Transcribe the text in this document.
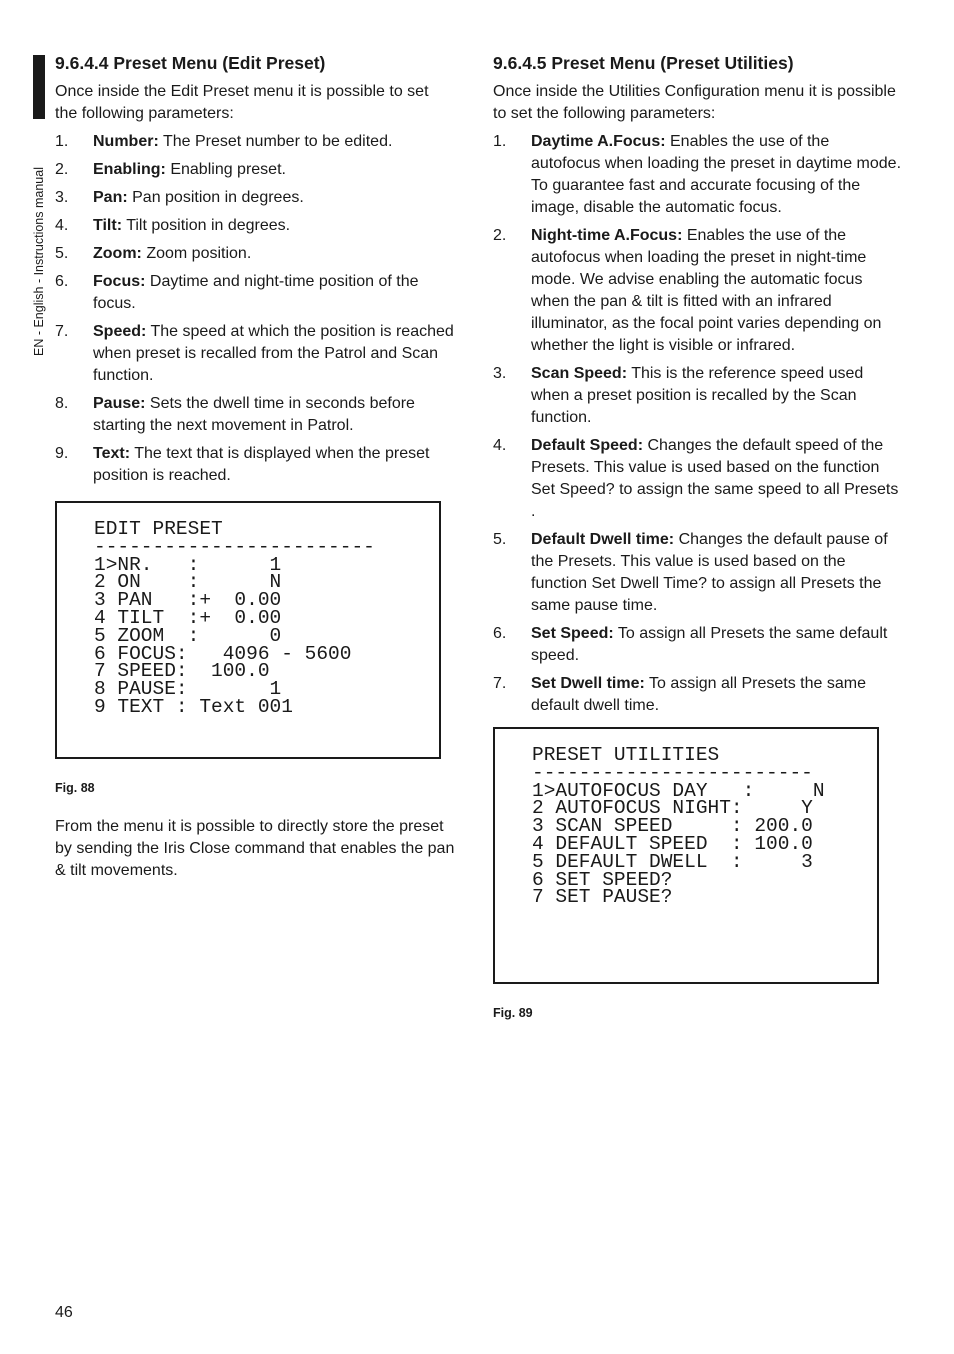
EN - English - Instructions manual
9.6.4.4 Preset Menu (Edit Preset)

Once inside the Edit Preset menu it is possible to set the following parameters:

1. Number: The Preset number to be edited.
2. Enabling: Enabling preset.
3. Pan: Pan position in degrees.
4. Tilt: Tilt position in degrees.
5. Zoom: Zoom position.
6. Focus: Daytime and night-time position of the focus.
7. Speed: The speed at which the position is reached when preset is recalled from the Patrol and Scan function.
8. Pause: Sets the dwell time in seconds before starting the next movement in Patrol.
9. Text: The text that is displayed when the preset position is reached.
EDIT PRESET
------------------------
1>NR.   :      1
2 ON    :      N
3 PAN   :+  0.00
4 TILT  :+  0.00
5 ZOOM  :      0
6 FOCUS:   4096 - 5600
7 SPEED:  100.0
8 PAUSE:       1
9 TEXT : Text 001

Fig. 88

From the menu it is possible to directly store the preset by sending the Iris Close command that enables the pan & tilt movements.

9.6.4.5 Preset Menu (Preset Utilities)

Once inside the Utilities Configuration menu it is possible to set the following parameters:

1. Daytime A.Focus: Enables the use of the autofocus when loading the preset in daytime mode. To guarantee fast and accurate focusing of the image, disable the automatic focus.
2. Night-time A.Focus: Enables the use of the autofocus when loading the preset in night-time mode. We advise enabling the automatic focus when the pan & tilt is fitted with an infrared illuminator, as the focal point varies depending on whether the light is visible or infrared.
3. Scan Speed: This is the reference speed used when a preset position is recalled by the Scan function.
4. Default Speed: Changes the default speed of the Presets. This value is used based on the function Set Speed? to assign the same speed to all Presets .
5. Default Dwell time: Changes the default pause of the Presets. This value is used based on the function Set Dwell Time? to assign all Presets the same pause time.
6. Set Speed: To assign all Presets the same default speed.
7. Set Dwell time: To assign all Presets the same default dwell time.
PRESET UTILITIES
------------------------
1>AUTOFOCUS DAY   :     N
2 AUTOFOCUS NIGHT:     Y
3 SCAN SPEED     : 200.0
4 DEFAULT SPEED  : 100.0
5 DEFAULT DWELL  :     3
6 SET SPEED?
7 SET PAUSE?

Fig. 89

46
